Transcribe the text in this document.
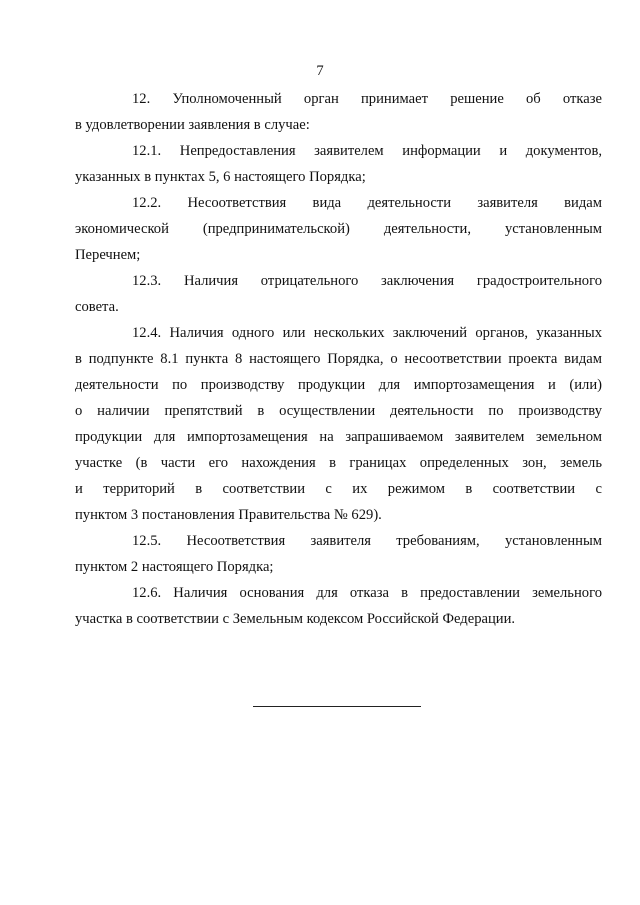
7
12. Уполномоченный орган принимает решение об отказе
в удовлетворении заявления в случае:
12.1. Непредоставления заявителем информации и документов,
указанных в пунктах 5, 6 настоящего Порядка;
12.2. Несоответствия вида деятельности заявителя видам
экономической (предпринимательской) деятельности, установленным
Перечнем;
12.3. Наличия отрицательного заключения градостроительного
совета.
12.4. Наличия одного или нескольких заключений органов, указанных
в подпункте 8.1 пункта 8 настоящего Порядка, о несоответствии проекта видам
деятельности по производству продукции для импортозамещения и (или)
о наличии препятствий в осуществлении деятельности по производству
продукции для импортозамещения на запрашиваемом заявителем земельном
участке (в части его нахождения в границах определенных зон, земель
и территорий в соответствии с их режимом в соответствии с
пунктом 3 постановления Правительства № 629).
12.5. Несоответствия заявителя требованиям, установленным
пунктом 2 настоящего Порядка;
12.6. Наличия основания для отказа в предоставлении земельного
участка в соответствии с Земельным кодексом Российской Федерации.
